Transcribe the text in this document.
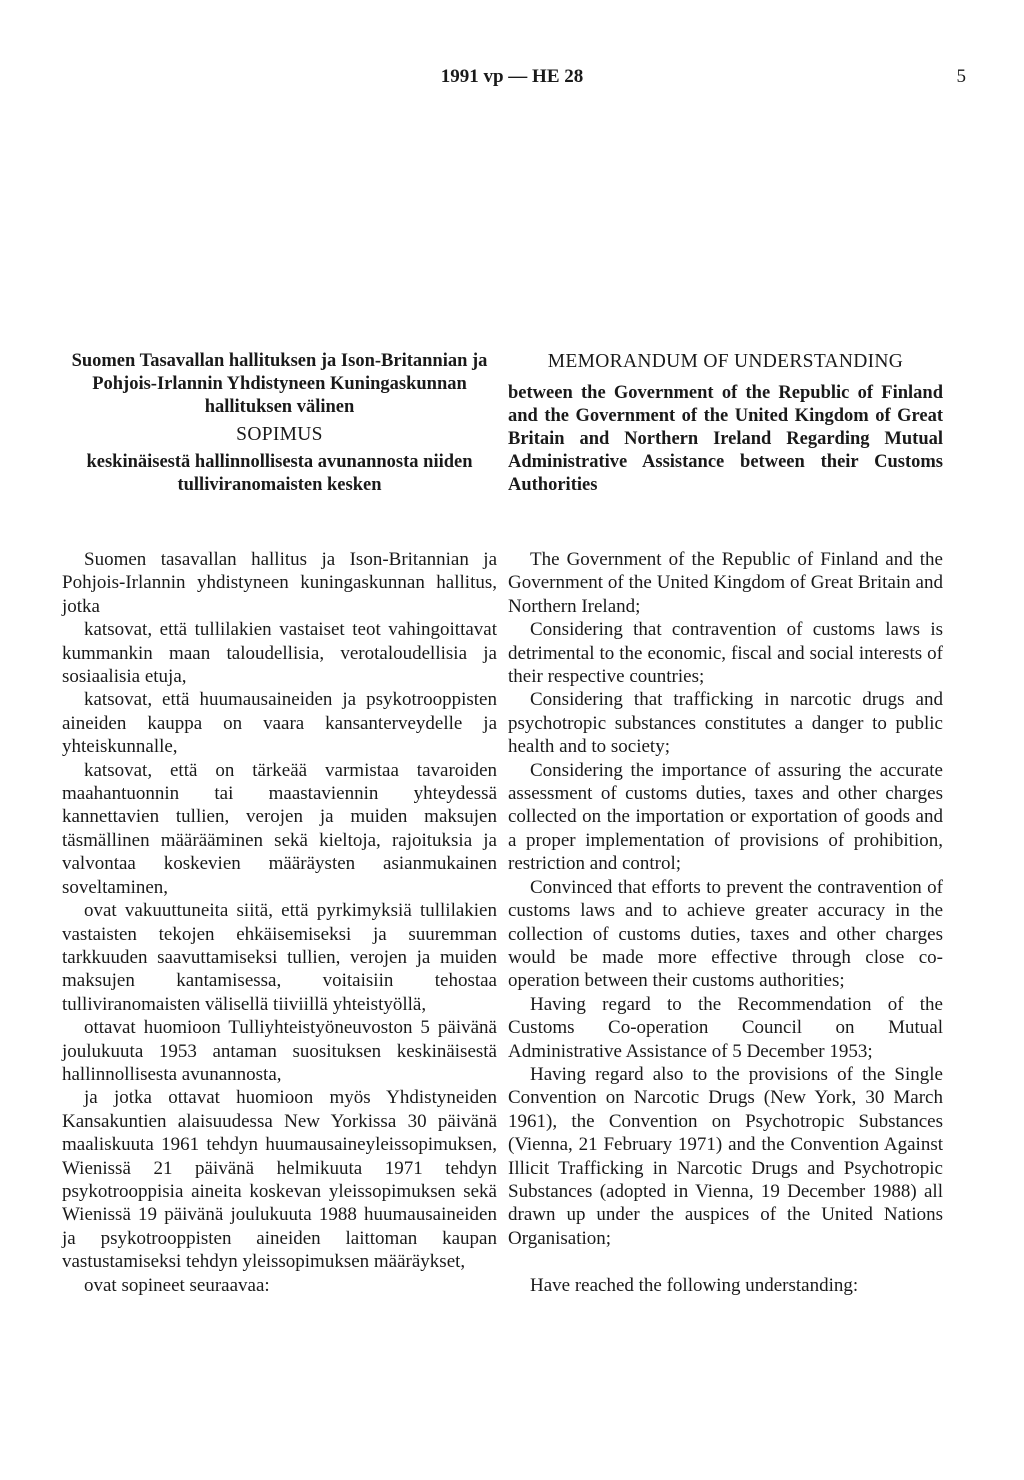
1991 vp — HE 28	5

Suomen Tasavallan hallituksen ja Ison-Britannian ja Pohjois-Irlannin Yhdistyneen Kuningaskunnan hallituksen välinen

SOPIMUS

keskinäisestä hallinnollisesta avunannosta niiden tulliviranomaisten kesken

MEMORANDUM OF UNDERSTANDING

between the Government of the Republic of Finland and the Government of the United Kingdom of Great Britain and Northern Ireland Regarding Mutual Administrative Assistance between their Customs Authorities

Suomen tasavallan hallitus ja Ison-Britannian ja Pohjois-Irlannin yhdistyneen kuningaskunnan hallitus, jotka

katsovat, että tullilakien vastaiset teot vahingoittavat kummankin maan taloudellisia, verotaloudellisia ja sosiaalisia etuja,

katsovat, että huumausaineiden ja psykotrooppisten aineiden kauppa on vaara kansanterveydelle ja yhteiskunnalle,

katsovat, että on tärkeää varmistaa tavaroiden maahantuonnin tai maastaviennin yhteydessä kannettavien tullien, verojen ja muiden maksujen täsmällinen määrääminen sekä kieltoja, rajoituksia ja valvontaa koskevien määräysten asianmukainen soveltaminen,

ovat vakuuttuneita siitä, että pyrkimyksiä tullilakien vastaisten tekojen ehkäisemiseksi ja suuremman tarkkuuden saavuttamiseksi tullien, verojen ja muiden maksujen kantamisessa, voitaisiin tehostaa tulliviranomaisten välisellä tiiviillä yhteistyöllä,

ottavat huomioon Tulliyhteistyöneuvoston 5 päivänä joulukuuta 1953 antaman suosituksen keskinäisestä hallinnollisesta avunannosta,

ja jotka ottavat huomioon myös Yhdistyneiden Kansakuntien alaisuudessa New Yorkissa 30 päivänä maaliskuuta 1961 tehdyn huumausaineyleissopimuksen, Wienissä 21 päivänä helmikuuta 1971 tehdyn psykotrooppisia aineita koskevan yleissopimuksen sekä Wienissä 19 päivänä joulukuuta 1988 huumausaineiden ja psykotrooppisten aineiden laittoman kaupan vastustamiseksi tehdyn yleissopimuksen määräykset,

ovat sopineet seuraavaa:

The Government of the Republic of Finland and the Government of the United Kingdom of Great Britain and Northern Ireland;

Considering that contravention of customs laws is detrimental to the economic, fiscal and social interests of their respective countries;

Considering that trafficking in narcotic drugs and psychotropic substances constitutes a danger to public health and to society;

Considering the importance of assuring the accurate assessment of customs duties, taxes and other charges collected on the importation or exportation of goods and a proper implementation of provisions of prohibition, restriction and control;

Convinced that efforts to prevent the contravention of customs laws and to achieve greater accuracy in the collection of customs duties, taxes and other charges would be made more effective through close co-operation between their customs authorities;

Having regard to the Recommendation of the Customs Co-operation Council on Mutual Administrative Assistance of 5 December 1953;

Having regard also to the provisions of the Single Convention on Narcotic Drugs (New York, 30 March 1961), the Convention on Psychotropic Substances (Vienna, 21 February 1971) and the Convention Against Illicit Trafficking in Narcotic Drugs and Psychotropic Substances (adopted in Vienna, 19 December 1988) all drawn up under the auspices of the United Nations Organisation;

Have reached the following understanding:
